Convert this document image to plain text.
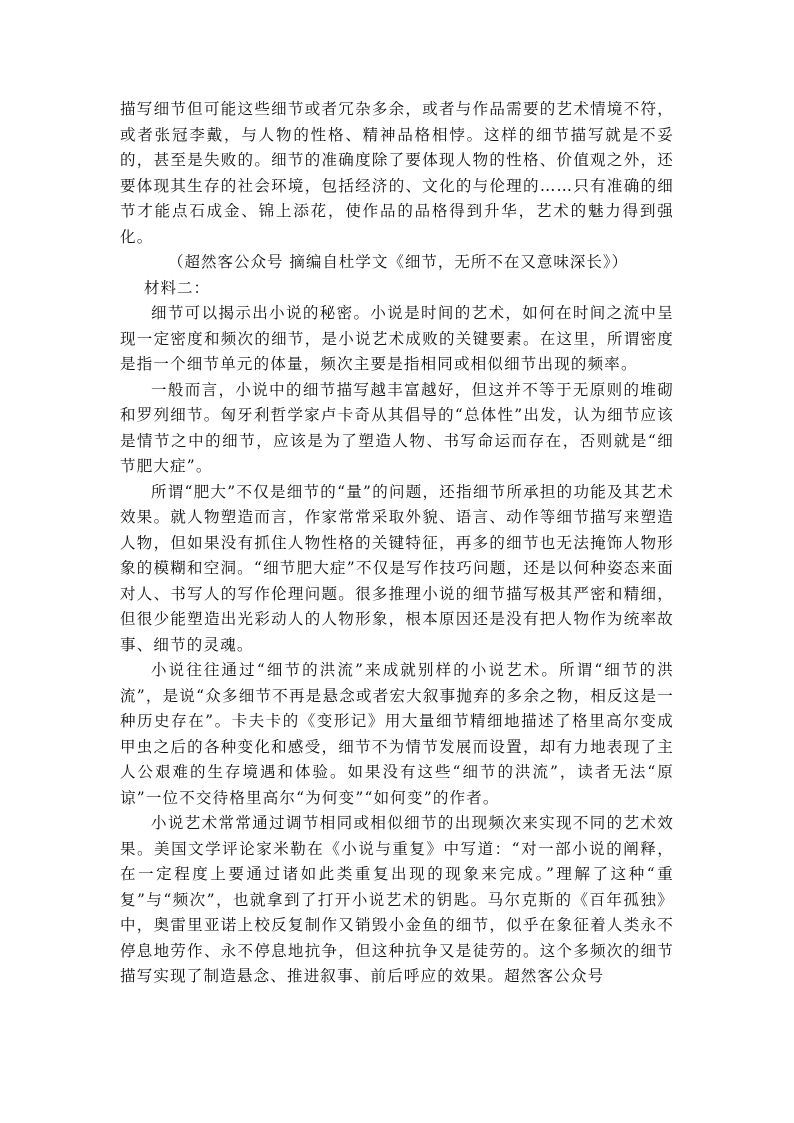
描写细节但可能这些细节或者冗杂多余，或者与作品需要的艺术情境不符，或者张冠李戴，与人物的性格、精神品格相悖。这样的细节描写就是不妥的，甚至是失败的。细节的准确度除了要体现人物的性格、价值观之外，还要体现其生存的社会环境，包括经济的、文化的与伦理的……只有准确的细节才能点石成金、锦上添花，使作品的品格得到升华，艺术的魅力得到强化。

（超然客公众号 摘编自杜学文《细节，无所不在又意味深长》）

材料二：

细节可以揭示出小说的秘密。小说是时间的艺术，如何在时间之流中呈现一定密度和频次的细节，是小说艺术成败的关键要素。在这里，所谓密度是指一个细节单元的体量，频次主要是指相同或相似细节出现的频率。

一般而言，小说中的细节描写越丰富越好，但这并不等于无原则的堆砌和罗列细节。匈牙利哲学家卢卡奇从其倡导的“总体性”出发，认为细节应该是情节之中的细节，应该是为了塑造人物、书写命运而存在，否则就是“细节肥大症”。

所谓“肥大”不仅是细节的“量”的问题，还指细节所承担的功能及其艺术效果。就人物塑造而言，作家常常采取外貌、语言、动作等细节描写来塑造人物，但如果没有抓住人物性格的关键特征，再多的细节也无法掩饰人物形象的模糊和空洞。“细节肥大症”不仅是写作技巧问题，还是以何种姿态来面对人、书写人的写作伦理问题。很多推理小说的细节描写极其严密和精细，但很少能塑造出光彩动人的人物形象，根本原因还是没有把人物作为统率故事、细节的灵魂。

小说往往通过“细节的洪流”来成就别样的小说艺术。所谓“细节的洪流”，是说“众多细节不再是悬念或者宏大叙事抛弃的多余之物，相反这是一种历史存在”。卡夫卡的《变形记》用大量细节精细地描述了格里高尔变成甲虫之后的各种变化和感受，细节不为情节发展而设置，却有力地表现了主人公艰难的生存境遇和体验。如果没有这些“细节的洪流”，读者无法“原谅”一位不交待格里高尔“为何变”“如何变”的作者。

小说艺术常常通过调节相同或相似细节的出现频次来实现不同的艺术效果。美国文学评论家米勒在《小说与重复》中写道：“对一部小说的阐释，在一定程度上要通过诸如此类重复出现的现象来完成。”理解了这种“重复”与“频次”，也就拿到了打开小说艺术的钥匙。马尔克斯的《百年孤独》中，奥雷里亚诺上校反复制作又销毁小金鱼的细节，似乎在象征着人类永不停息地劳作、永不停息地抗争，但这种抗争又是徒劳的。这个多频次的细节描写实现了制造悬念、推进叙事、前后呼应的效果。超然客公众号
